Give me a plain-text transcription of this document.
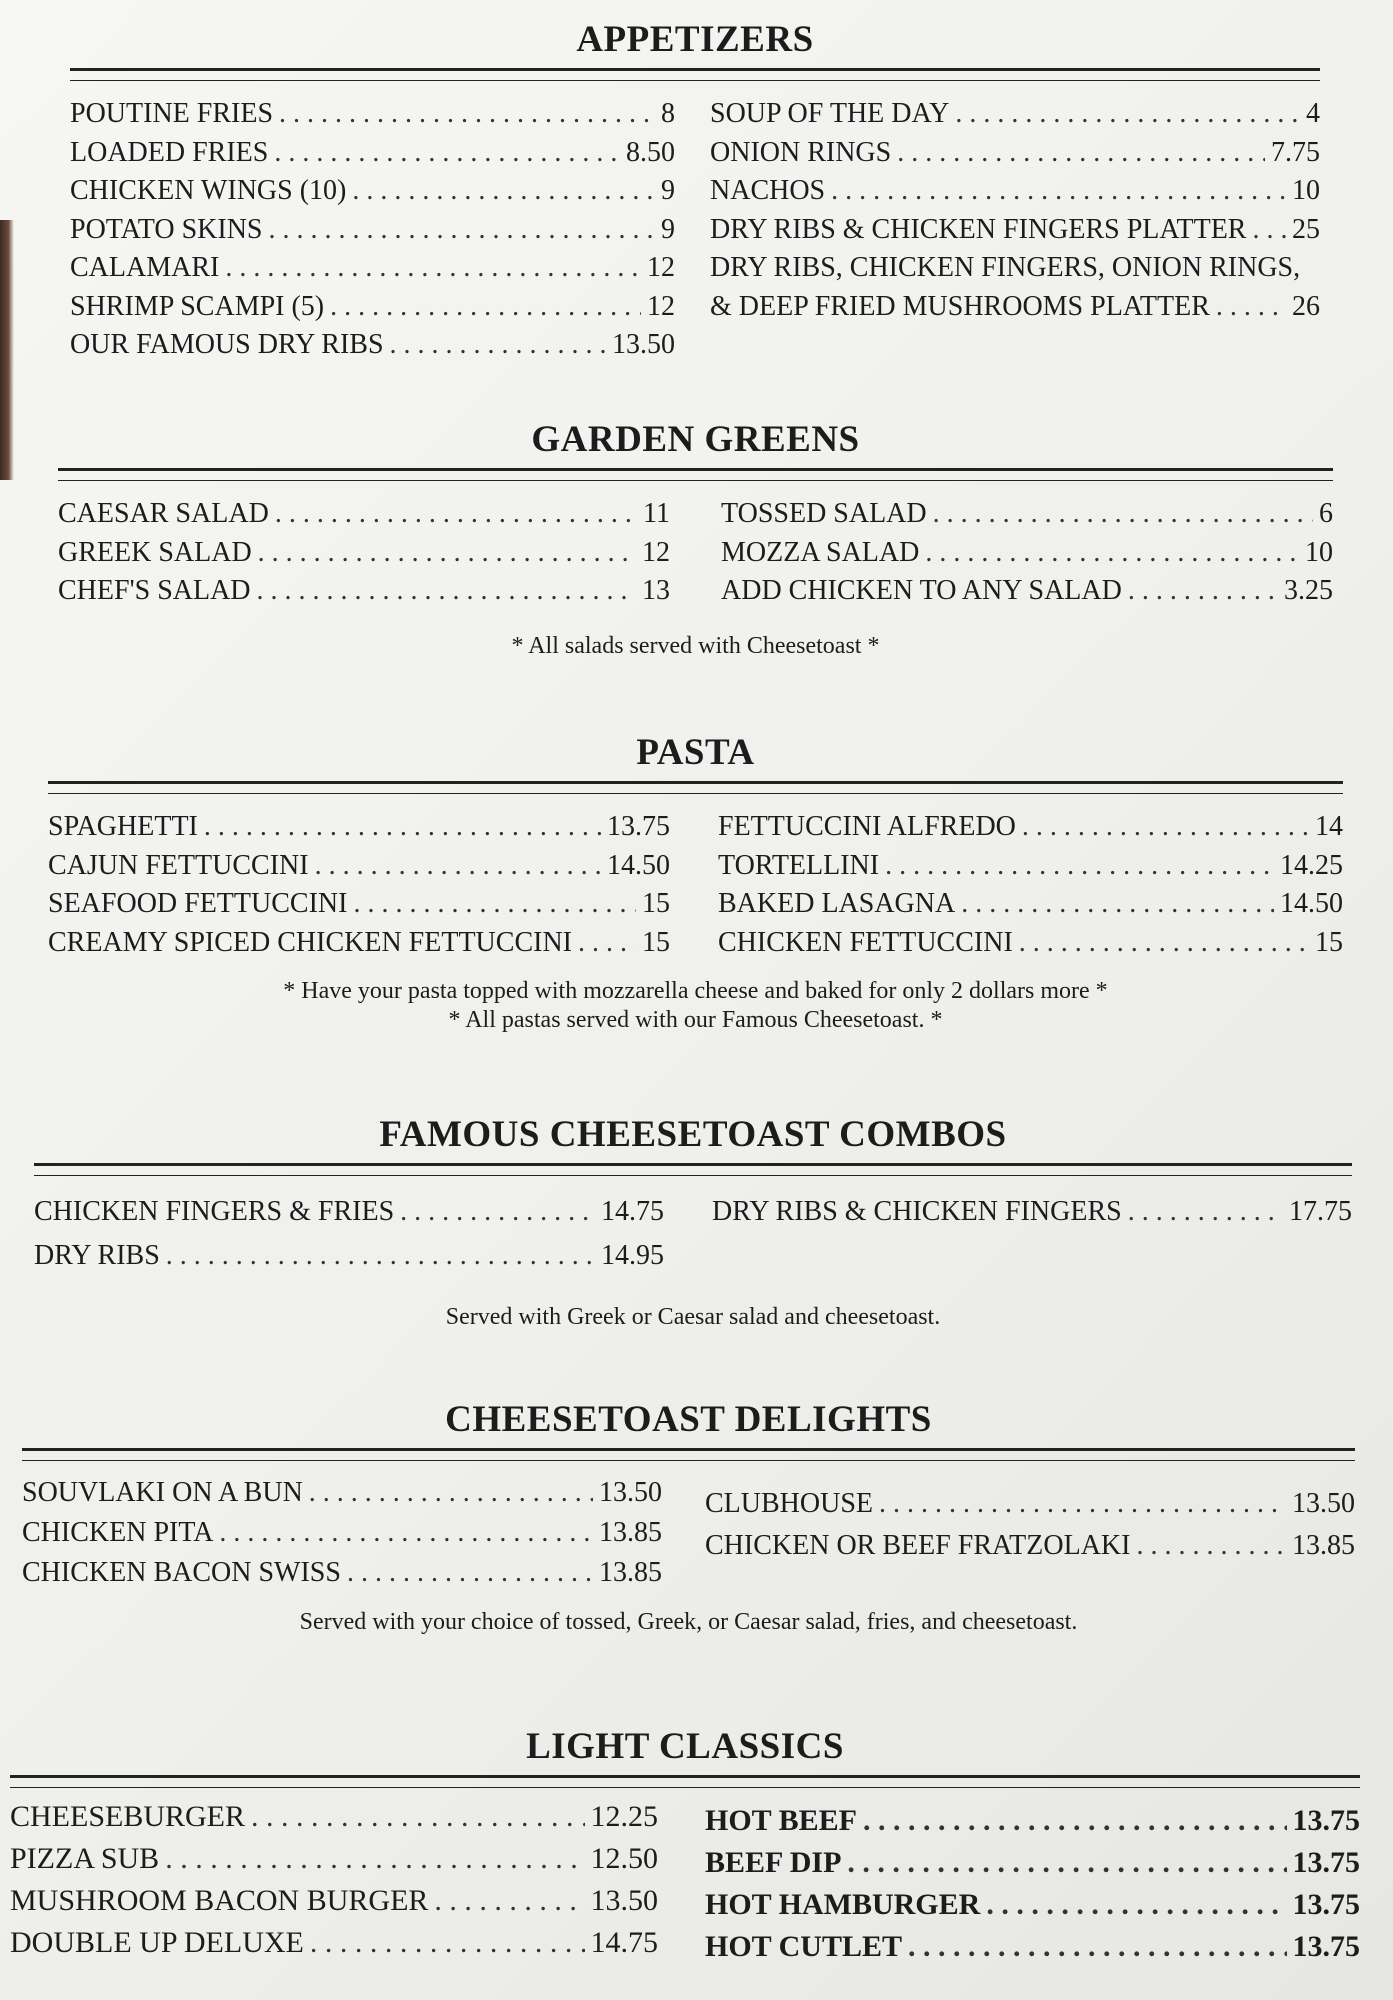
APPETIZERS
POUTINE FRIES . . .	8
LOADED FRIES . . .	8.50
CHICKEN WINGS (10) . . .	9
POTATO SKINS . . .	9
CALAMARI . . .	12
SHRIMP SCAMPI (5) . . .	12
OUR FAMOUS DRY RIBS . . .	13.50
SOUP OF THE DAY . . .	4
ONION RINGS . . .	7.75
NACHOS . . .	10
DRY RIBS & CHICKEN FINGERS PLATTER . . . 25
DRY RIBS, CHICKEN FINGERS, ONION RINGS,
& DEEP FRIED MUSHROOMS PLATTER . . .	26
GARDEN GREENS
CAESAR SALAD . . .	11
GREEK SALAD . . .	12
CHEF'S SALAD . . .	13
TOSSED SALAD . . .	6
MOZZA SALAD . . .	10
ADD CHICKEN TO ANY SALAD . . .	3.25
* All salads served with Cheesetoast *
PASTA
SPAGHETTI . . .	13.75
CAJUN FETTUCCINI . . .	14.50
SEAFOOD FETTUCCINI . . .	15
CREAMY SPICED CHICKEN FETTUCCINI . . .	15
FETTUCCINI ALFREDO . . .	14
TORTELLINI . . .	14.25
BAKED LASAGNA . . .	14.50
CHICKEN FETTUCCINI . . .	15
* Have your pasta topped with mozzarella cheese and baked for only 2 dollars more *
* All pastas served with our Famous Cheesetoast. *
FAMOUS CHEESETOAST COMBOS
CHICKEN FINGERS & FRIES . . .	14.75
DRY RIBS . . .	14.95
DRY RIBS & CHICKEN FINGERS . . .	17.75
Served with Greek or Caesar salad and cheesetoast.
CHEESETOAST DELIGHTS
SOUVLAKI ON A BUN . . .	13.50
CHICKEN PITA . . .	13.85
CHICKEN BACON SWISS . . .	13.85
CLUBHOUSE . . .	13.50
CHICKEN OR BEEF FRATZOLAKI . . .	13.85
Served with your choice of tossed, Greek, or Caesar salad, fries, and cheesetoast.
LIGHT CLASSICS
CHEESEBURGER . . .	12.25
PIZZA SUB . . .	12.50
MUSHROOM BACON BURGER . . .	13.50
DOUBLE UP DELUXE . . .	14.75
HOT BEEF . . .	13.75
BEEF DIP . . .	13.75
HOT HAMBURGER . . .	13.75
HOT CUTLET . . .	13.75
